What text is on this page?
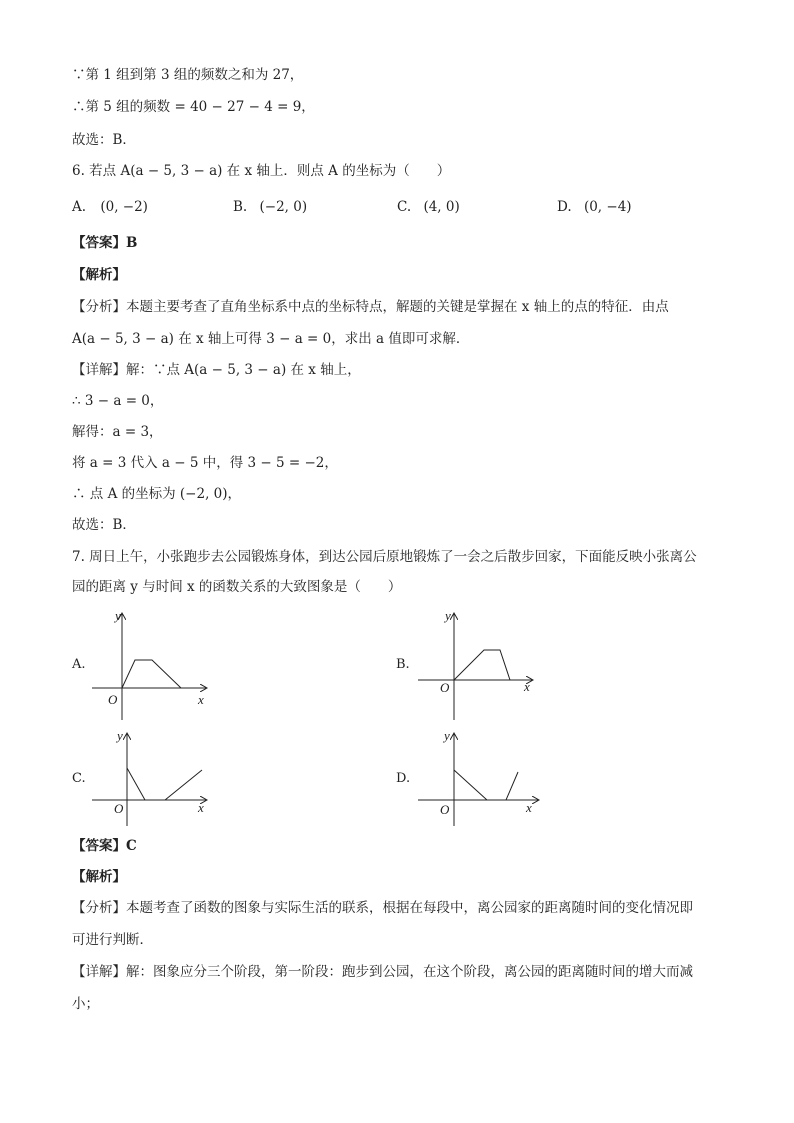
∵第 1 组到第 3 组的频数之和为 27，
∴第 5 组的频数 = 40 − 27 − 4 = 9，
故选：B．
6. 若点 A(a − 5, 3 − a) 在 x 轴上．则点 A 的坐标为（　　）
A. (0, −2)	B. (−2, 0)	C. (4, 0)	D. (0, −4)
【答案】B
【解析】
【分析】本题主要考查了直角坐标系中点的坐标特点，解题的关键是掌握在 x 轴上的点的特征．由点
A(a − 5, 3 − a) 在 x 轴上可得 3 − a = 0，求出 a 值即可求解．
【详解】解：∵点 A(a − 5, 3 − a) 在 x 轴上，
∴ 3 − a = 0，
解得：a = 3，
将 a = 3 代入 a − 5 中，得 3 − 5 = −2，
∴ 点 A 的坐标为 (−2, 0)，
故选：B．
7. 周日上午，小张跑步去公园锻炼身体，到达公园后原地锻炼了一会之后散步回家，下面能反映小张离公
园的距离 y 与时间 x 的函数关系的大致图象是（　　）
A.	B.
C.	D.
y
x
O
y
x
O
y
x
O
y
x
O
【答案】C
【解析】
【分析】本题考查了函数的图象与实际生活的联系，根据在每段中，离公园家的距离随时间的变化情况即
可进行判断．
【详解】解：图象应分三个阶段，第一阶段：跑步到公园，在这个阶段，离公园的距离随时间的增大而减
小；
